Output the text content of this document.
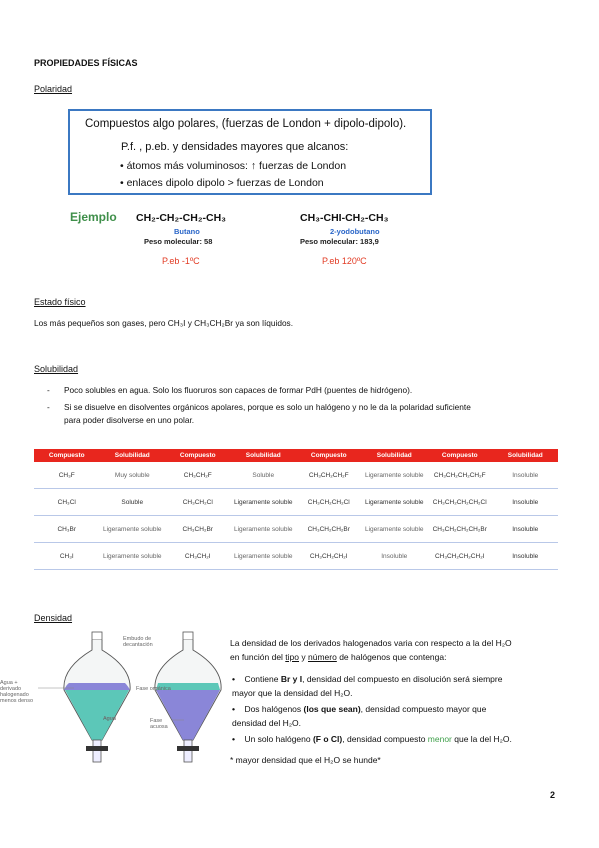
PROPIEDADES FÍSICAS
Polaridad
Compuestos algo polares, (fuerzas de London + dipolo-dipolo).
P.f. , p.eb. y densidades mayores que alcanos:
• átomos más voluminosos: ↑ fuerzas de London
• enlaces dipolo dipolo > fuerzas de London
Ejemplo CH₂-CH₂-CH₂-CH₃
Butano
Peso molecular: 58
P.eb -1ºC
CH₃-CHI-CH₂-CH₃
2-yodobutano
Peso molecular: 183,9
P.eb 120ºC
Estado físico
Los más pequeños son gases, pero CH₃I y CH₃CH₂Br ya son líquidos.
Solubilidad
- Poco solubles en agua. Solo los fluoruros son capaces de formar PdH (puentes de hidrógeno).
- Si se disuelve en disolventes orgánicos apolares, porque es solo un halógeno y no le da la polaridad suficiente
para poder disolverse en uno polar.
Compuesto	Solubilidad	Compuesto	Solubilidad	Compuesto	Solubilidad	Compuesto	Solubilidad
CH₃F	Muy soluble	CH₃CH₂F	Soluble	CH₃CH₂CH₂F	Ligeramente soluble	CH₃CH₂CH₂CH₂F	Insoluble
CH₃Cl	Soluble	CH₃CH₂Cl	Ligeramente soluble	CH₃CH₂CH₂Cl	Ligeramente soluble	CH₃CH₂CH₂CH₂Cl	Insoluble
CH₃Br	Ligeramente soluble	CH₃CH₂Br	Ligeramente soluble	CH₃CH₂CH₂Br	Ligeramente soluble	CH₃CH₂CH₂CH₂Br	Insoluble
CH₃I	Ligeramente soluble	CH₃CH₂I	Ligeramente soluble	CH₃CH₂CH₂I	Insoluble	CH₃CH₂CH₂CH₂I	Insoluble
Densidad
Embudo de decantación
Agua + derivado halogenado menos denso
Agua
Fase orgánica
Fase acuosa
La densidad de los derivados halogenados varia con respecto a la del H₂O
en función del tipo y número de halógenos que contenga:
• Contiene Br y I, densidad del compuesto en disolución será siempre
mayor que la densidad del H₂O.
• Dos halógenos (los que sean), densidad compuesto mayor que
densidad del H₂O.
• Un solo halógeno (F o Cl), densidad compuesto menor que la del H₂O.
* mayor densidad que el H₂O se hunde*
2
